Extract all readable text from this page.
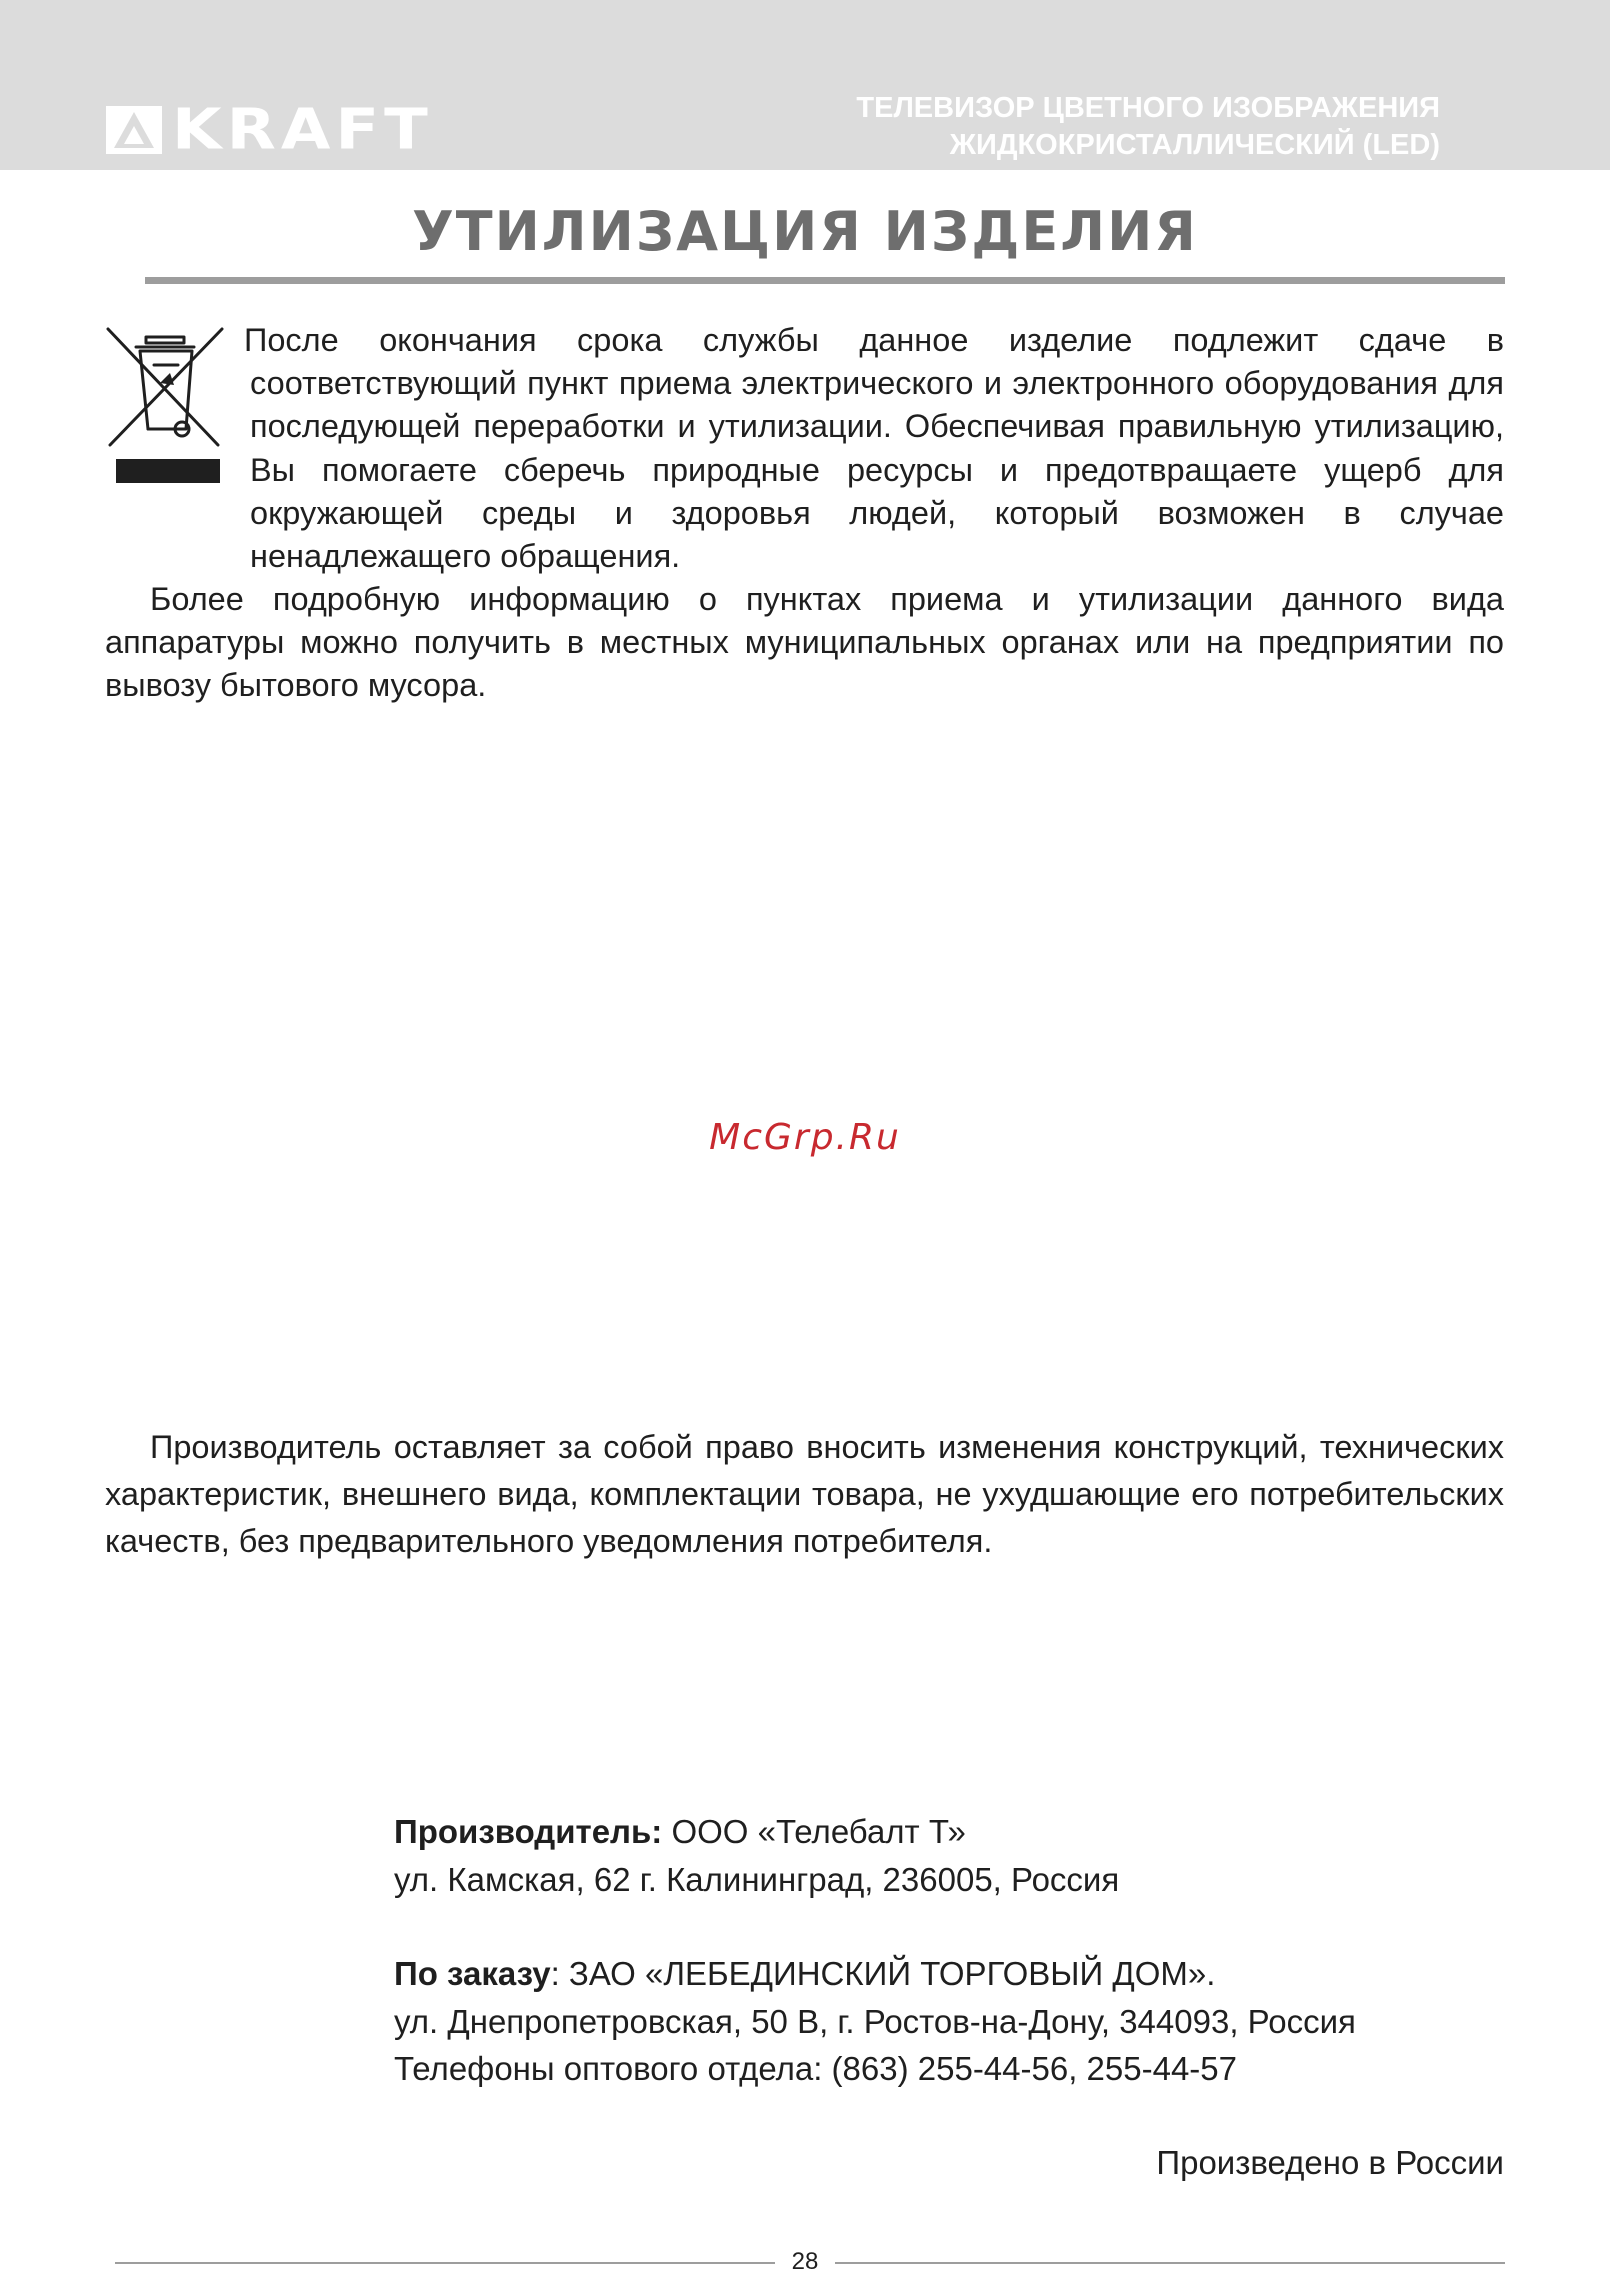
KRAFT	ТЕЛЕВИЗОР ЦВЕТНОГО ИЗОБРАЖЕНИЯ
ЖИДКОКРИСТАЛЛИЧЕСКИЙ (LED)
УТИЛИЗАЦИЯ ИЗДЕЛИЯ

После окончания срока службы данное изделие подлежит сдаче в соответствующий пункт приема электрического и электронного оборудования для последующей переработки и утилизации. Обеспечивая правильную утилизацию, Вы помогаете сберечь природные ресурсы и предотвращаете ущерб для окружающей среды и здоровья людей, который возможен в случае ненадлежащего обращения.

Более подробную информацию о пунктах приема и утилизации данного вида аппаратуры можно получить в местных муниципальных органах или на предприятии по вывозу бытового мусора.

McGrp.Ru

Производитель оставляет за собой право вносить изменения конструкций, технических характеристик, внешнего вида, комплектации товара, не ухудшающие его потребительских качеств, без предварительного уведомления потребителя.

Производитель: ООО «Телебалт Т»
ул. Камская, 62 г. Калининград, 236005, Россия
По заказу: ЗАО «ЛЕБЕДИНСКИЙ ТОРГОВЫЙ ДОМ».
ул. Днепропетровская, 50 В, г. Ростов-на-Дону, 344093, Россия
Телефоны оптового отдела: (863) 255-44-56, 255-44-57
Произведено в России
28
